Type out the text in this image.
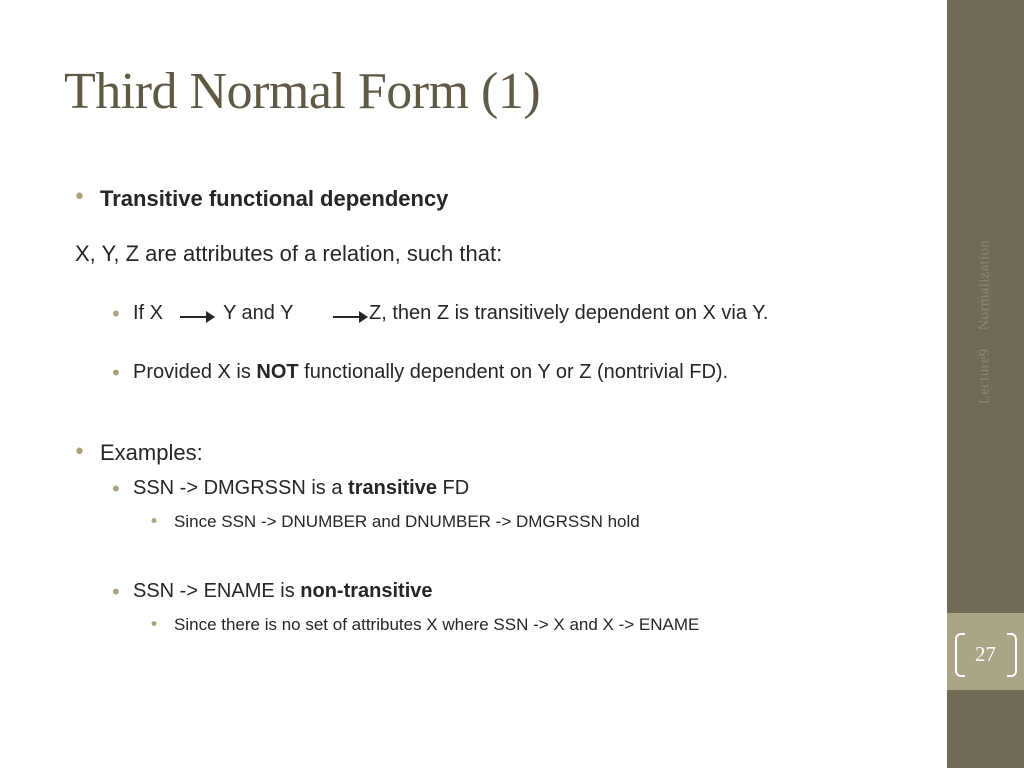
Lecture9Normalization
27
Third Normal Form (1)
• Transitive functional dependency
X, Y, Z are attributes of a relation, such that:
• If X	Y and Y	Z, then Z is transitively dependent on X via Y.
• Provided X is NOT functionally dependent on Y or Z (nontrivial FD).
• Examples:
• SSN -> DMGRSSN is a transitive FD
• Since SSN -> DNUMBER and DNUMBER -> DMGRSSN hold
• SSN -> ENAME is non-transitive
• Since there is no set of attributes X where SSN -> X and X -> ENAME
